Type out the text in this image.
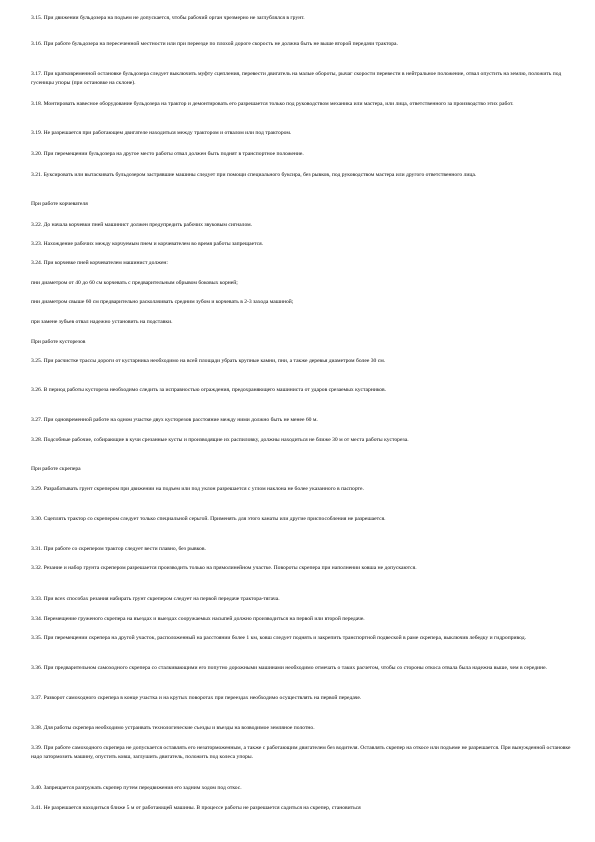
3.15. При движении бульдозера на подъем не допускается, чтобы рабочий орган чрезмерно не заглублялся в грунт.

3.16. При работе бульдозера на пересеченной местности или при переезде по плохой дороге скорость не должна быть не выше второй передачи трактора.

3.17. При кратковременной остановке бульдозера следует выключить муфту сцепления, перевести двигатель на малые обороты, рычаг скорости перевести в нейтральное положение, отвал опустить на землю, положить под гусеницы упоры (при остановке на склоне).

3.18. Монтировать навесное оборудование бульдозера на трактор и демонтировать его разрешается только под руководством механика или мастера, или лица, ответственного за производство этих работ.

3.19. Не разрешается при работающем двигателе находиться между трактором и отвалом или под трактором.

3.20. При перемещении бульдозера на другое место работы отвал должен быть поднят в транспортное положение.

3.21. Буксировать или вытаскивать бульдозером застрявшие машины следует при помощи специального буксира, без рывков, под руководством мастера или другого ответственного лица.

При работе корчевателя

3.22. До начала корчевки пней машинист должен предупредить рабочих звуковым сигналом.

3.23. Нахождение рабочих между корчуемым пнем и корчевателем во время работы запрещается.

3.24. При корчевке пней корчевателем машинист должен:

пни диаметром от 40 до 60 см корчевать с предварительным обрывом боковых корней;

пни диаметром свыше 60 см предварительно расколачивать средним зубом и корчевать в 2-3 захода машиной;

при замене зубьев отвал надежно установить на подставки.

При работе кусторезов

3.25. При расчистке трассы дороги от кустарника необходимо на всей площади убрать крупные камни, пни, а также деревья диаметром более 30 см.

3.26. В период работы кустореза необходимо следить за исправностью ограждения, предохраняющего машиниста от ударов срезаемых кустарников.

3.27. При одновременной работе на одном участке двух кусторезов расстояние между ними должно быть не менее 60 м.

3.28. Подсобные рабочие, собирающие в кучи срезанные кусты и производящие их распиловку, должны находиться не ближе 30 м от места работы кустореза.

При работе скрепера

3.29. Разрабатывать грунт скрепером при движении на подъем или под уклон разрешается с углом наклона не более указанного в паспорте.

3.30. Сцеплять трактор со скрепером следует только специальной серьгой. Применять для этого канаты или другие приспособления не разрешается.

3.31. При работе со скрепером трактор следует вести плавно, без рывков.

3.32. Резание и набор грунта скрепером разрешается производить только на прямолинейном участке. Повороты скрепера при наполнении ковша не допускаются.

3.33. При всех способах резания набирать грунт скрепером следует на первой передаче трактора-тягача.

3.34. Перемещение груженого скрепера на въездах и выездах сооружаемых насыпей должно производиться на первой или второй передаче.

3.35. При перемещении скрепера на другой участок, расположенный на расстоянии более 1 км, ковш следует поднять и закрепить транспортной подвеской в раме скрепера, выключив лебедку и гидропривод.

3.36. При предварительном самоходного скрепера со сталкивающими его попутно дорожными машинами необходимо отмечать о таких расчетом, чтобы со стороны откоса отвала была надежна выше, чем в середине.

3.37. Разворот самоходного скрепера в конце участка и на крутых поворотах при переездах необходимо осуществлять на первой передаче.

3.38. Для работы скрепера необходимо устраивать технологические съезды и въезды на возводимое земляное полотно.

3.39. При работе самоходного скрепера не допускается оставлять его незаторможенным, а также с работающим двигателем без водителя. Оставлять скрепер на откосе или подъеме не разрешается. При вынужденной остановке надо затормозить машину, опустить ковш, заглушить двигатель, положить под колеса упоры.

3.40. Запрещается разгружать скрепер путем передвижения его задним ходом под откос.

3.41. Не разрешается находиться ближе 5 м от работающей машины. В процессе работы не разрешается садиться на скрепер, становиться
